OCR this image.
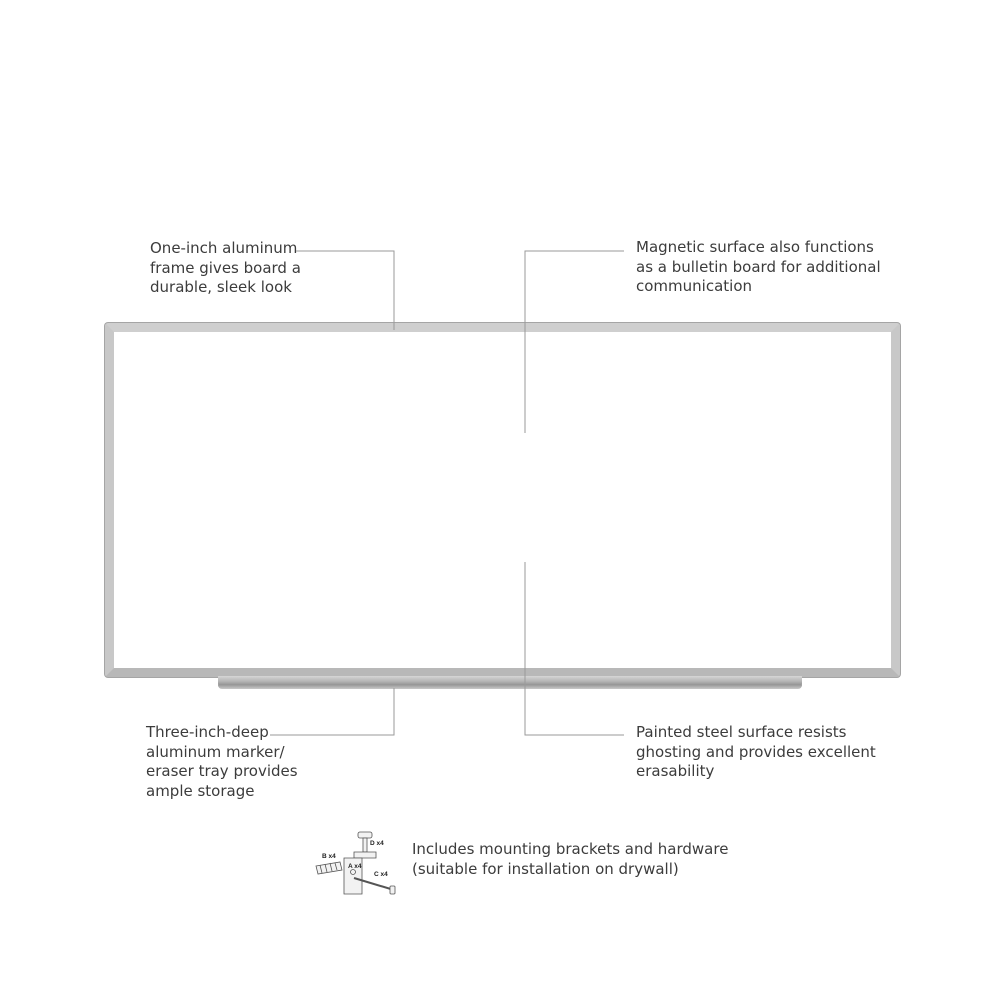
One-inch aluminum
frame gives board a
durable, sleek look
Magnetic surface also functions
as a bulletin board for additional
communication
Three-inch-deep
aluminum marker/
eraser tray provides
ample storage
Painted steel surface resists
ghosting and provides excellent
erasability
Includes mounting brackets and hardware
(suitable for installation on drywall)
D x4
B x4
A x4
C x4
